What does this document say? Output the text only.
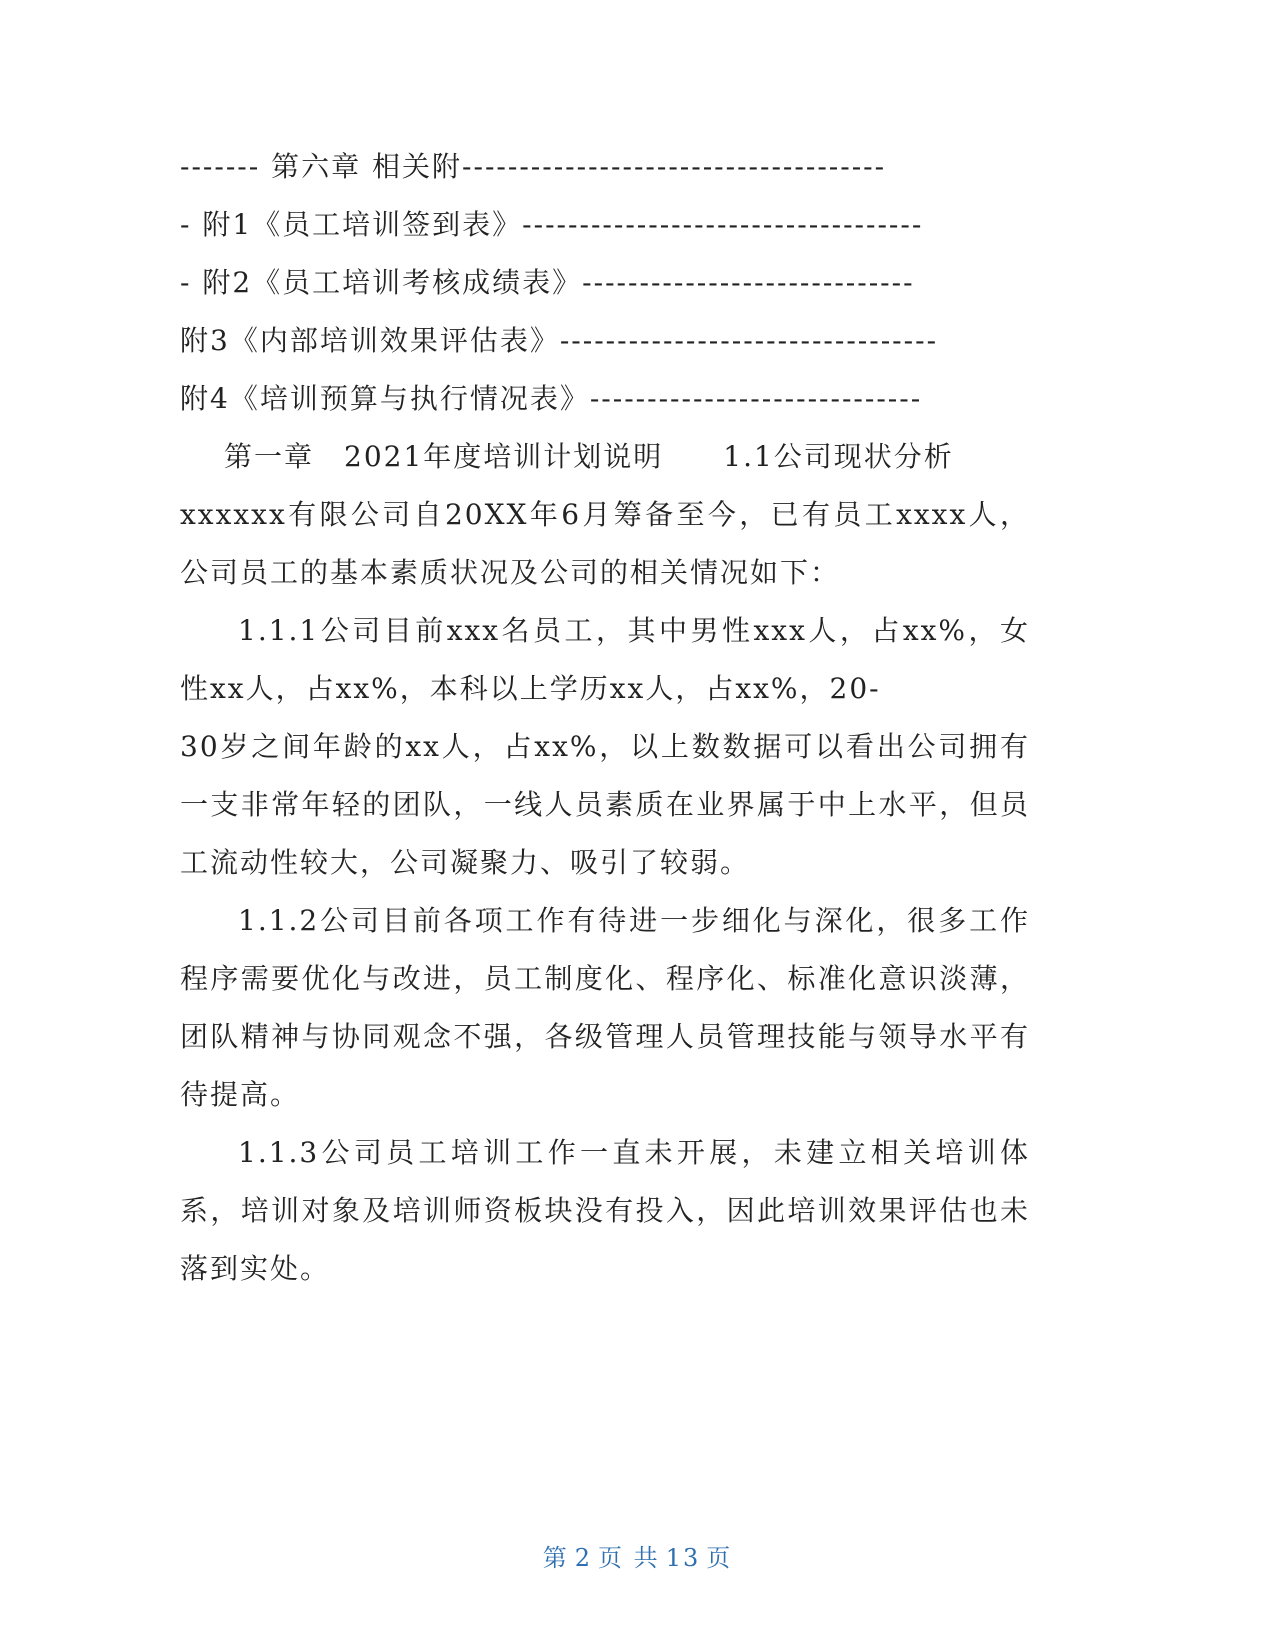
------- 第六章 相关附-------------------------------------
- 附1《员工培训签到表》-----------------------------------
- 附2《员工培训考核成绩表》-----------------------------
附3《内部培训效果评估表》---------------------------------
附4《培训预算与执行情况表》-----------------------------

第一章　2021年度培训计划说明　　1.1公司现状分析

xxxxxx有限公司自20XX年6月筹备至今，已有员工xxxx人，公司员工的基本素质状况及公司的相关情况如下：

1.1.1公司目前xxx名员工，其中男性xxx人，占xx%，女性xx人，占xx%，本科以上学历xx人，占xx%，20-

30岁之间年龄的xx人，占xx%，以上数数据可以看出公司拥有一支非常年轻的团队，一线人员素质在业界属于中上水平，但员工流动性较大，公司凝聚力、吸引了较弱。

1.1.2公司目前各项工作有待进一步细化与深化，很多工作程序需要优化与改进，员工制度化、程序化、标准化意识淡薄，团队精神与协同观念不强，各级管理人员管理技能与领导水平有待提高。

1.1.3公司员工培训工作一直未开展，未建立相关培训体系，培训对象及培训师资板块没有投入，因此培训效果评估也未落到实处。

第 2 页 共 13 页
